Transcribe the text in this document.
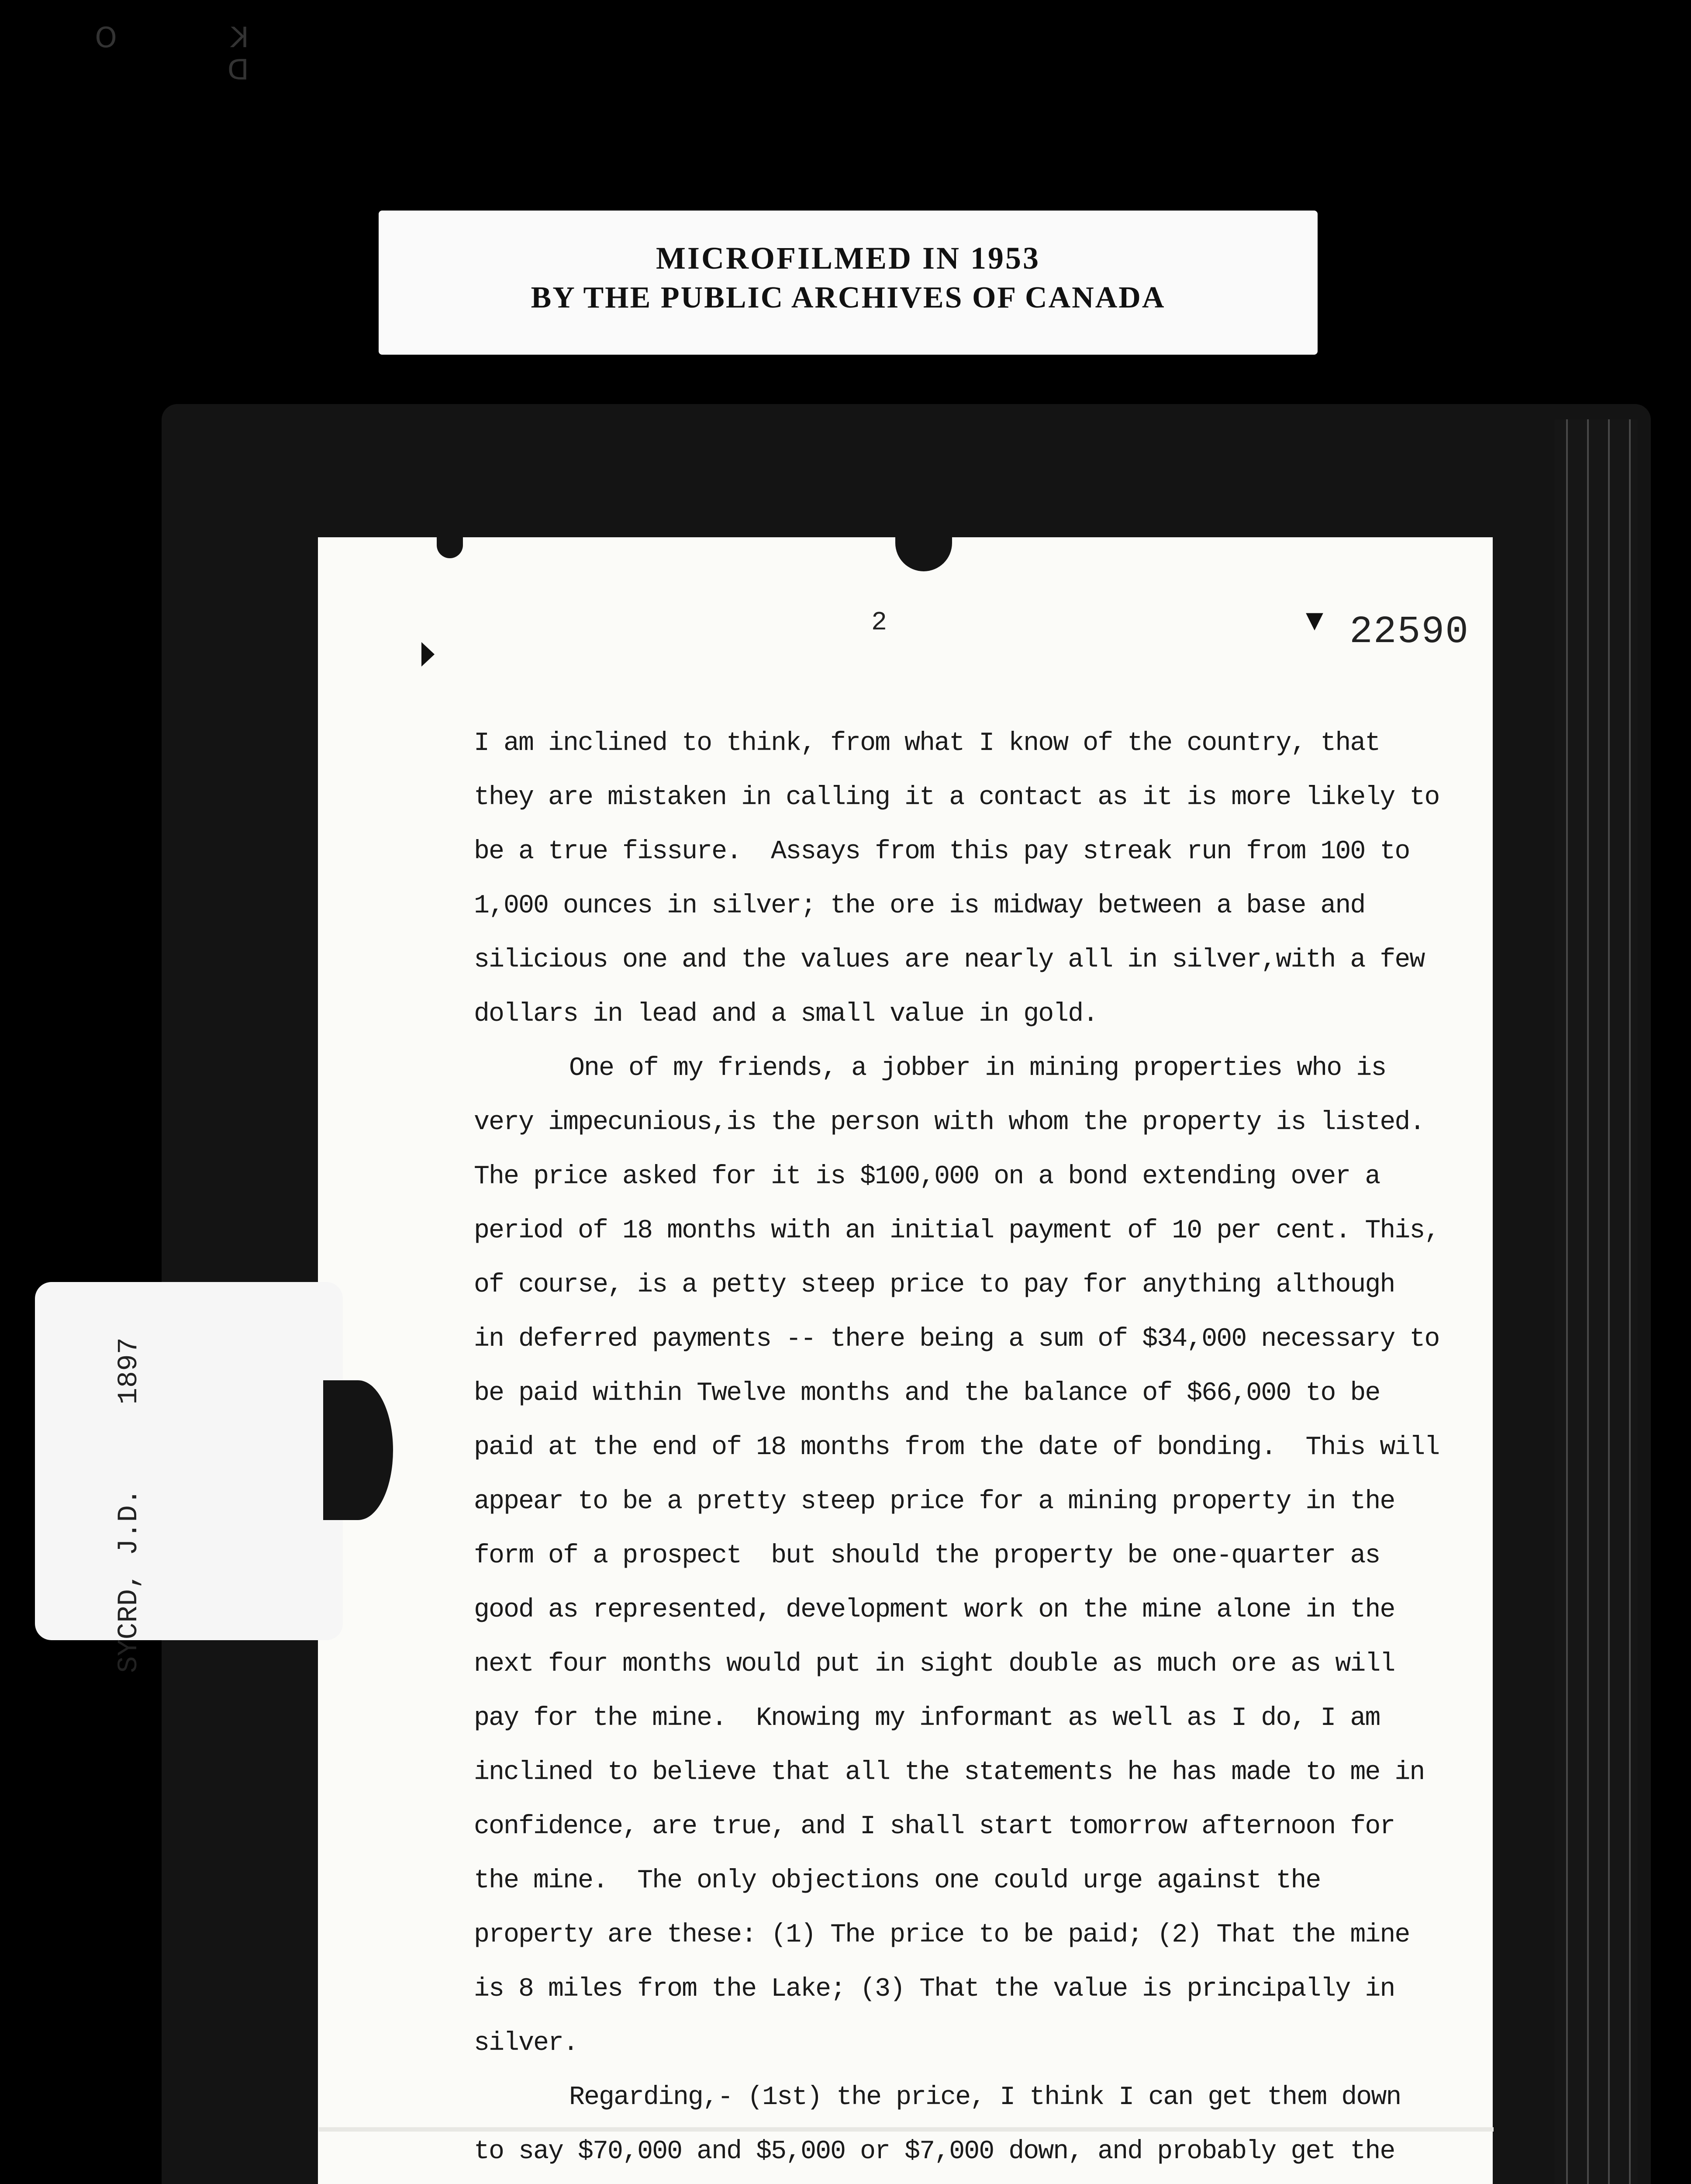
K O D
MICROFILMED IN 1953
BY THE PUBLIC ARCHIVES OF CANADA
2	▼ 22590
I am inclined to think, from what I know of the country, that
they are mistaken in calling it a contact as it is more likely to
be a true fissure.  Assays from this pay streak run from 100 to
1,000 ounces in silver; the ore is midway between a base and
silicious one and the values are nearly all in silver,with a few
dollars in lead and a small value in gold.
One of my friends, a jobber in mining properties who is
very impecunious,is the person with whom the property is listed.
The price asked for it is $100,000 on a bond extending over a
period of 18 months with an initial payment of 10 per cent. This,
of course, is a petty steep price to pay for anything although
in deferred payments -- there being a sum of $34,000 necessary to
be paid within Twelve months and the balance of $66,000 to be
paid at the end of 18 months from the date of bonding.  This will
appear to be a pretty steep price for a mining property in the
form of a prospect  but should the property be one-quarter as
good as represented, development work on the mine alone in the
next four months would put in sight double as much ore as will
pay for the mine.  Knowing my informant as well as I do, I am
inclined to believe that all the statements he has made to me in
confidence, are true, and I shall start tomorrow afternoon for
the mine.  The only objections one could urge against the
property are these: (1) The price to be paid; (2) That the mine
is 8 miles from the Lake; (3) That the value is principally in
silver.
Regarding,- (1st) the price, I think I can get them down
to say $70,000 and $5,000 or $7,000 down, and probably get the
SYCRD, J.D.     1897
